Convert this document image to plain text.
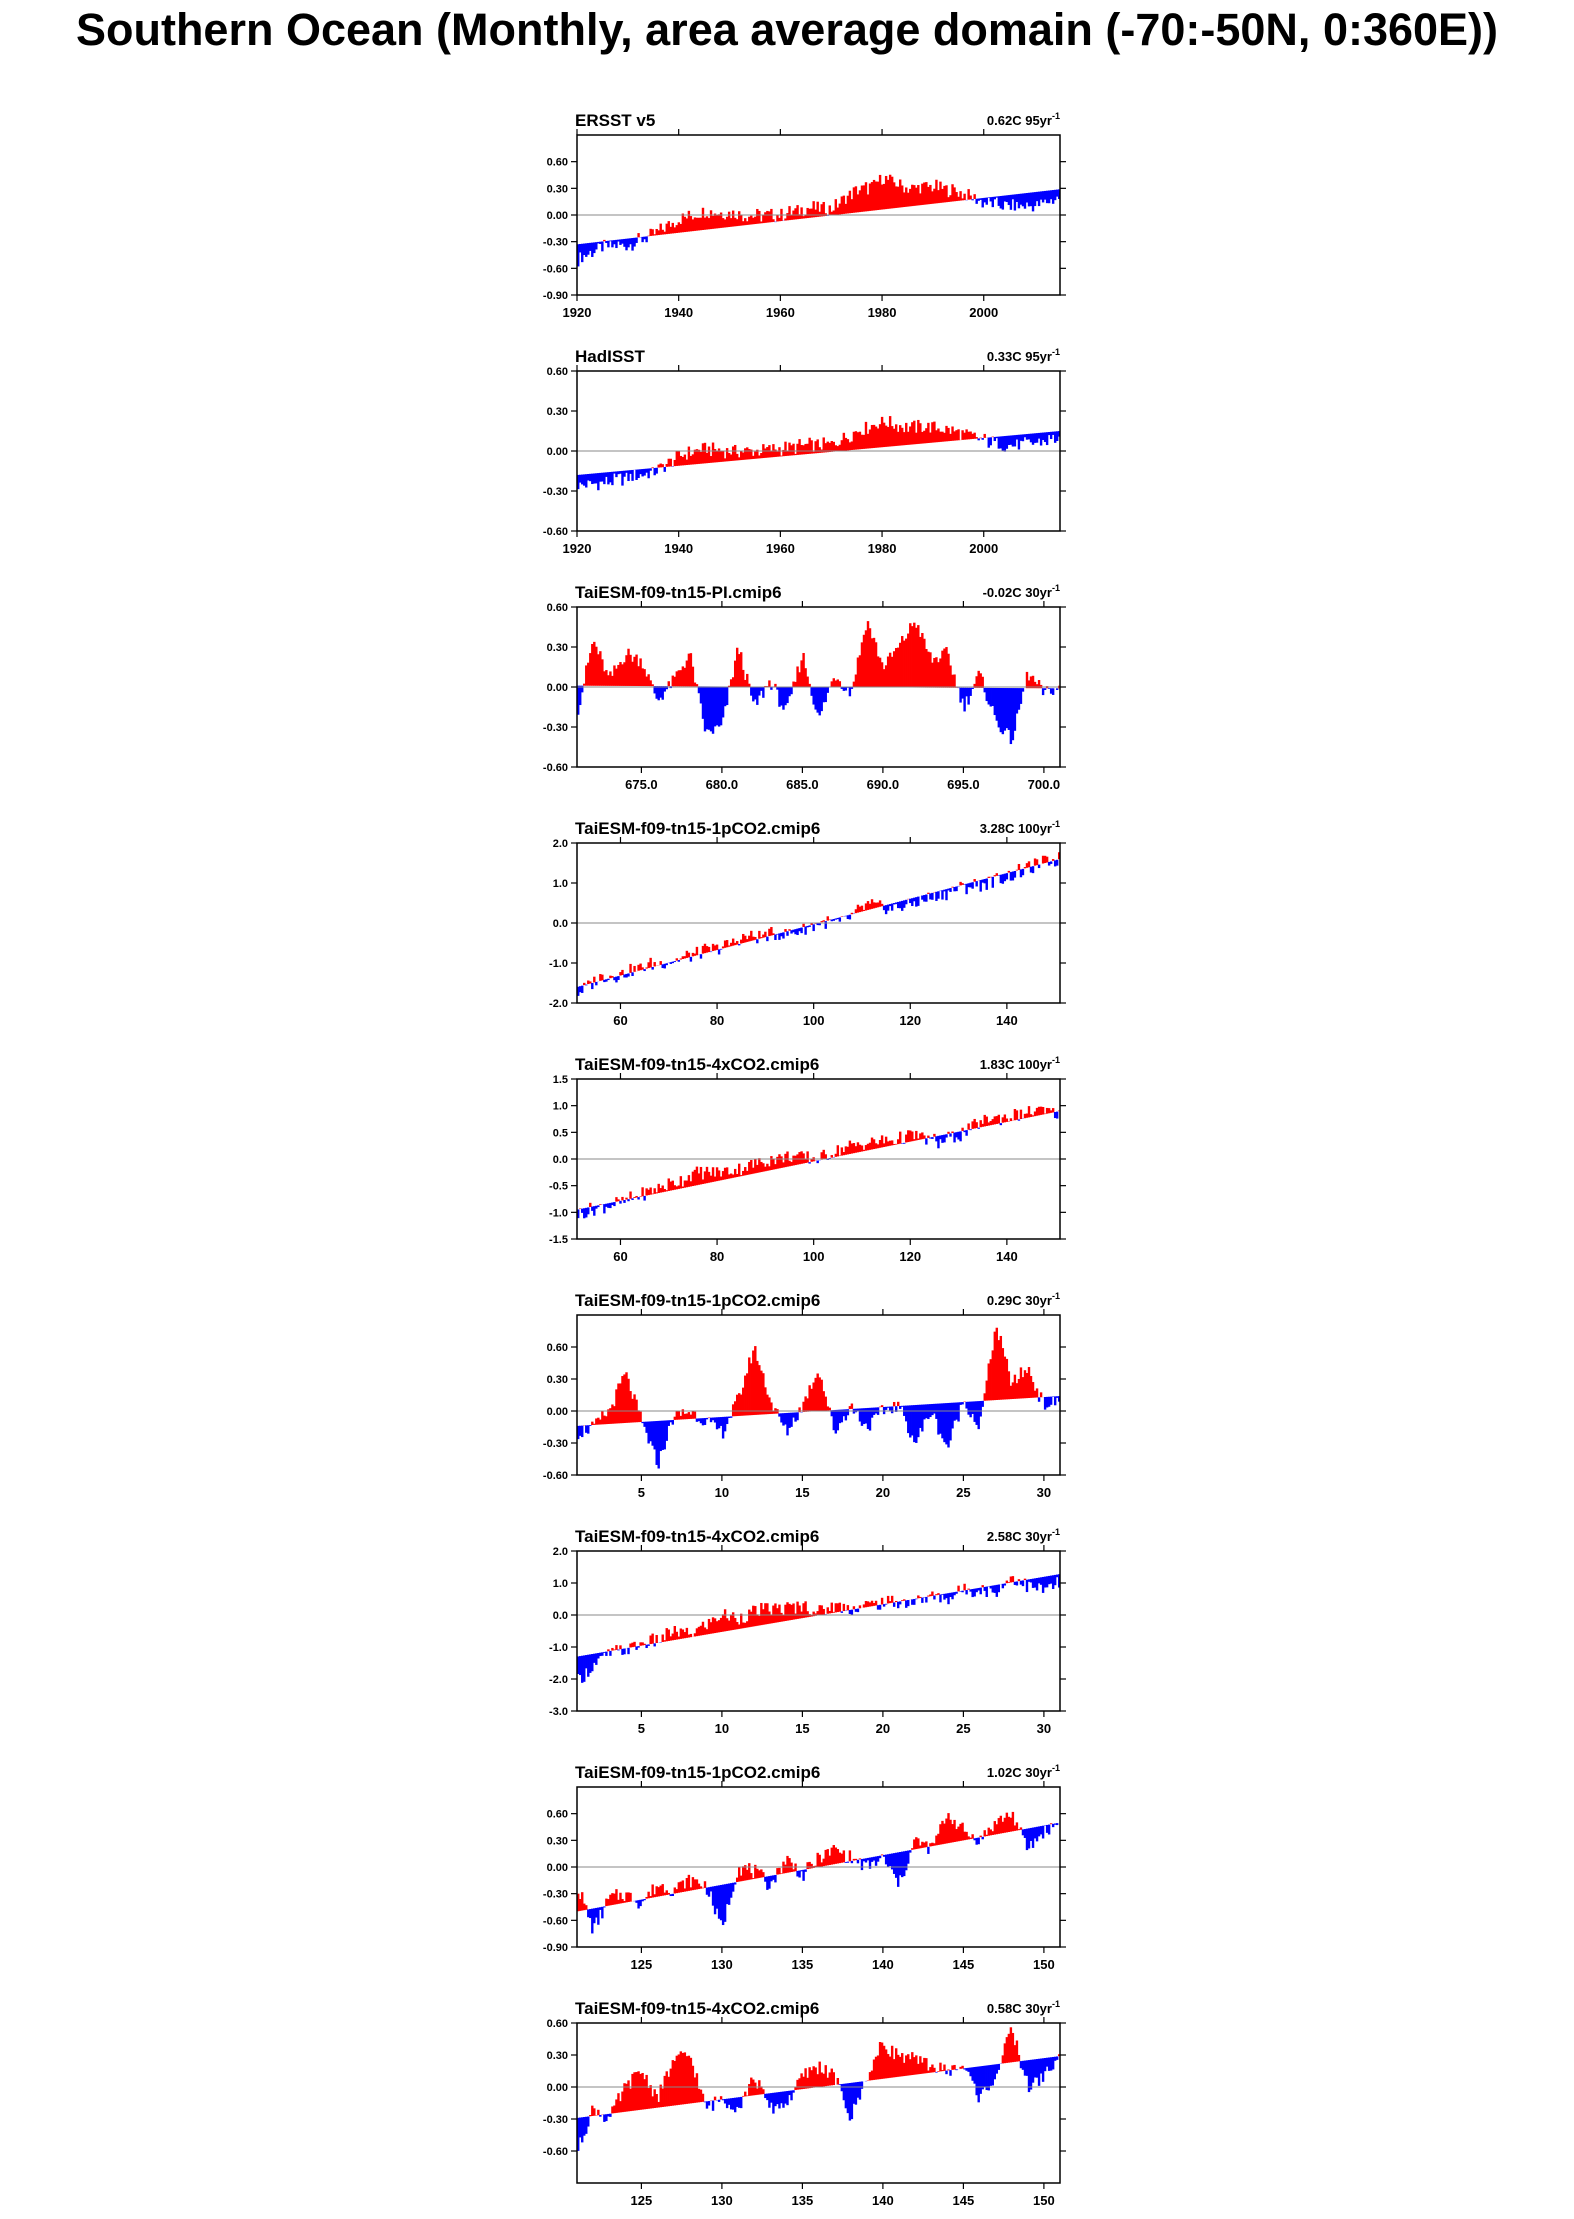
Southern Ocean (Monthly, area average domain (-70:-50N, 0:360E))
ERSST v5	0.62C $95yr^{-1}$
0.60
0.30
0.00
-0.30
-0.60
-0.90
1920	1940	1960	1980	2000
HadISST	0.33C $95yr^{-1}$
0.60
0.30
0.00
-0.30
-0.60
1920	1940	1960	1980	2000
TaiESM-f09-tn15-PI.cmip6	-0.02C $30yr^{-1}$
0.60
0.30
0.00
-0.30
-0.60
675.0	680.0	685.0	690.0	695.0	700.0
TaiESM-f09-tn15-1pCO2.cmip6	3.28C $100yr^{-1}$
2.0
1.0
0.0
-1.0
-2.0
60	80	100	120	140
TaiESM-f09-tn15-4xCO2.cmip6	1.83C $100yr^{-1}$
1.5
1.0
0.5
0.0
-0.5
-1.0
-1.5
60	80	100	120	140
TaiESM-f09-tn15-1pCO2.cmip6	0.29C $30yr^{-1}$
0.60
0.30
0.00
-0.30
-0.60
5	10	15	20	25	30
TaiESM-f09-tn15-4xCO2.cmip6	2.58C $30yr^{-1}$
2.0
1.0
0.0
-1.0
-2.0
-3.0
5	10	15	20	25	30
TaiESM-f09-tn15-1pCO2.cmip6	1.02C $30yr^{-1}$
0.60
0.30
0.00
-0.30
-0.60
-0.90
125	130	135	140	145	150
TaiESM-f09-tn15-4xCO2.cmip6	0.58C $30yr^{-1}$
0.60
0.30
0.00
-0.30
-0.60
125	130	135	140	145	150
